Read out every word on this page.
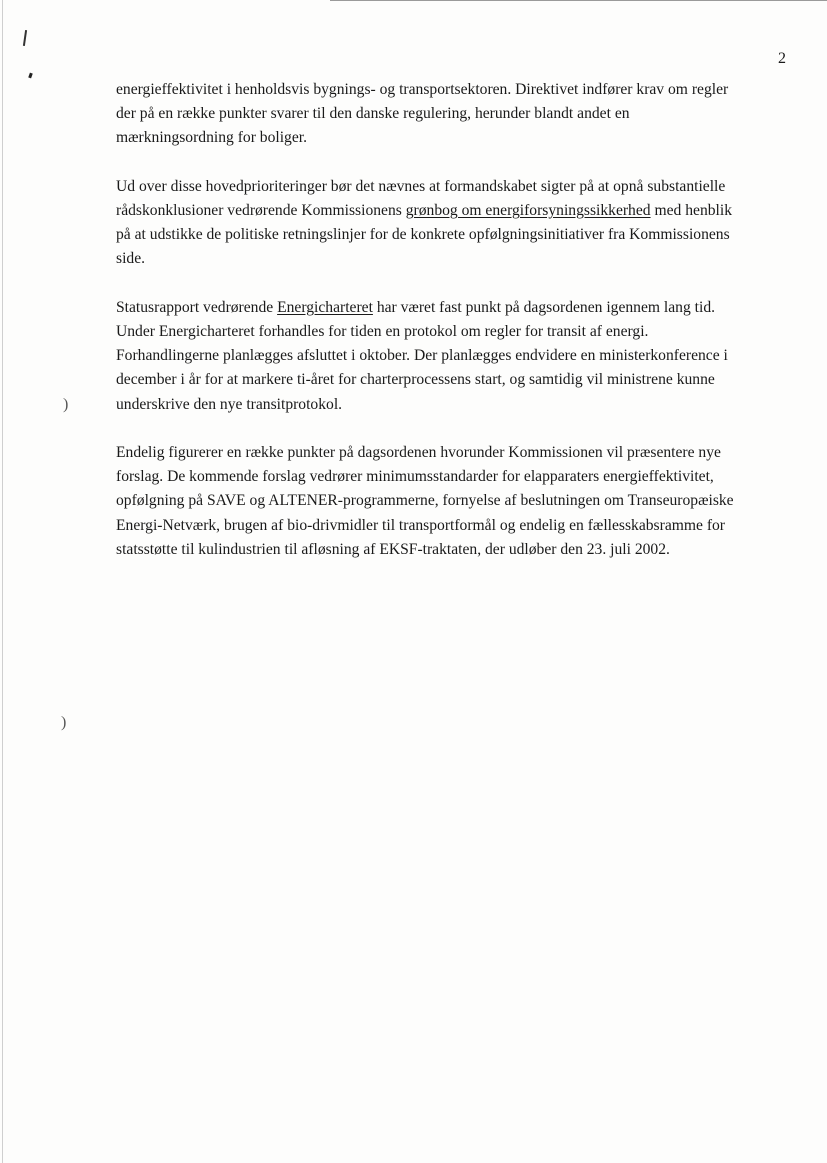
)
)
2

energieffektivitet i henholdsvis bygnings- og transportsektoren. Direktivet indfører krav om regler
der på en række punkter svarer til den danske regulering, herunder blandt andet en
mærkningsordning for boliger.

Ud over disse hovedprioriteringer bør det nævnes at formandskabet sigter på at opnå substantielle
rådskonklusioner vedrørende Kommissionens grønbog om energiforsyningssikkerhed med henblik
på at udstikke de politiske retningslinjer for de konkrete opfølgningsinitiativer fra Kommissionens
side.

Statusrapport vedrørende Energicharteret har været fast punkt på dagsordenen igennem lang tid.
Under Energicharteret forhandles for tiden en protokol om regler for transit af energi.
Forhandlingerne planlægges afsluttet i oktober. Der planlægges endvidere en ministerkonference i
december i år for at markere ti-året for charterprocessens start, og samtidig vil ministrene kunne
underskrive den nye transitprotokol.

Endelig figurerer en række punkter på dagsordenen hvorunder Kommissionen vil præsentere nye
forslag. De kommende forslag vedrører minimumsstandarder for elapparaters energieffektivitet,
opfølgning på SAVE og ALTENER-programmerne, fornyelse af beslutningen om Transeuropæiske
Energi-Netværk, brugen af bio-drivmidler til transportformål og endelig en fællesskabsramme for
statsstøtte til kulindustrien til afløsning af EKSF-traktaten, der udløber den 23. juli 2002.
